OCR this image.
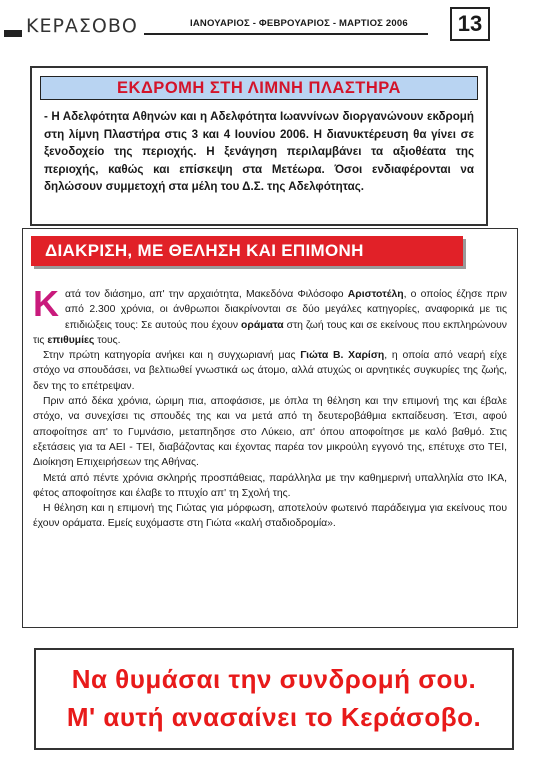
ΚΕΡΑΣΟΒΟ	ΙΑΝΟΥΑΡΙΟΣ - ΦΕΒΡΟΥΑΡΙΟΣ - ΜΑΡΤΙΟΣ 2006	13
ΕΚΔΡΟΜΗ ΣΤΗ ΛΙΜΝΗ ΠΛΑΣΤΗΡΑ
- Η Αδελφότητα Αθηνών και η Αδελφότητα Ιωαννίνων διοργανώνουν εκδρομή στη λίμνη Πλαστήρα στις 3 και 4 Ιουνίου 2006. Η διανυκτέρευση θα γίνει σε ξενοδοχείο της περιοχής. Η ξενάγηση περιλαμβάνει τα αξιοθέατα της περιοχής, καθώς και επίσκεψη στα Μετέωρα. Όσοι ενδιαφέρονται να δηλώσουν συμμετοχή στα μέλη του Δ.Σ. της Αδελφότητας.
ΔΙΑΚΡΙΣΗ, ΜΕ ΘΕΛΗΣΗ ΚΑΙ ΕΠΙΜΟΝΗ

Κατά τον διάσημο, απ' την αρχαιότητα, Μακεδόνα Φιλόσοφο Αριστοτέλη, ο οποίος έζησε πριν από 2.300 χρόνια, οι άνθρωποι διακρίνονται σε δύο μεγάλες κατηγορίες, αναφορικά με τις επιδιώξεις τους: Σε αυτούς που έχουν οράματα στη ζωή τους και σε εκείνους που εκπληρώνουν τις επιθυμίες τους.

Στην πρώτη κατηγορία ανήκει και η συγχωριανή μας Γιώτα Β. Χαρίση, η οποία από νεαρή είχε στόχο να σπουδάσει, να βελτιωθεί γνωστικά ως άτομο, αλλά ατυχώς οι αρνητικές συγκυρίες της ζωής, δεν της το επέτρεψαν.

Πριν από δέκα χρόνια, ώριμη πια, αποφάσισε, με όπλα τη θέληση και την επιμονή της και έβαλε στόχο, να συνεχίσει τις σπουδές της και να μετά από τη δευτεροβάθμια εκπαίδευση. Έτσι, αφού αποφοίτησε απ' το Γυμνάσιο, μεταπηδησε στο Λύκειο, απ' όπου αποφοίτησε με καλό βαθμό. Στις εξετάσεις για τα ΑΕΙ - ΤΕΙ, διαβάζοντας και έχοντας παρέα τον μικρούλη εγγονό της, επέτυχε στο ΤΕΙ, Διοίκηση Επιχειρήσεων της Αθήνας.

Μετά από πέντε χρόνια σκληρής προσπάθειας, παράλληλα με την καθημερινή υπαλληλία στο ΙΚΑ, φέτος αποφοίτησε και έλαβε το πτυχίο απ' τη Σχολή της.

Η θέληση και η επιμονή της Γιώτας για μόρφωση, αποτελούν φωτεινό παράδειγμα για εκείνους που έχουν οράματα. Εμείς ευχόμαστε στη Γιώτα «καλή σταδιοδρομία».

Να θυμάσαι την συνδρομή σου.
Μ' αυτή ανασαίνει το Κεράσοβο.
